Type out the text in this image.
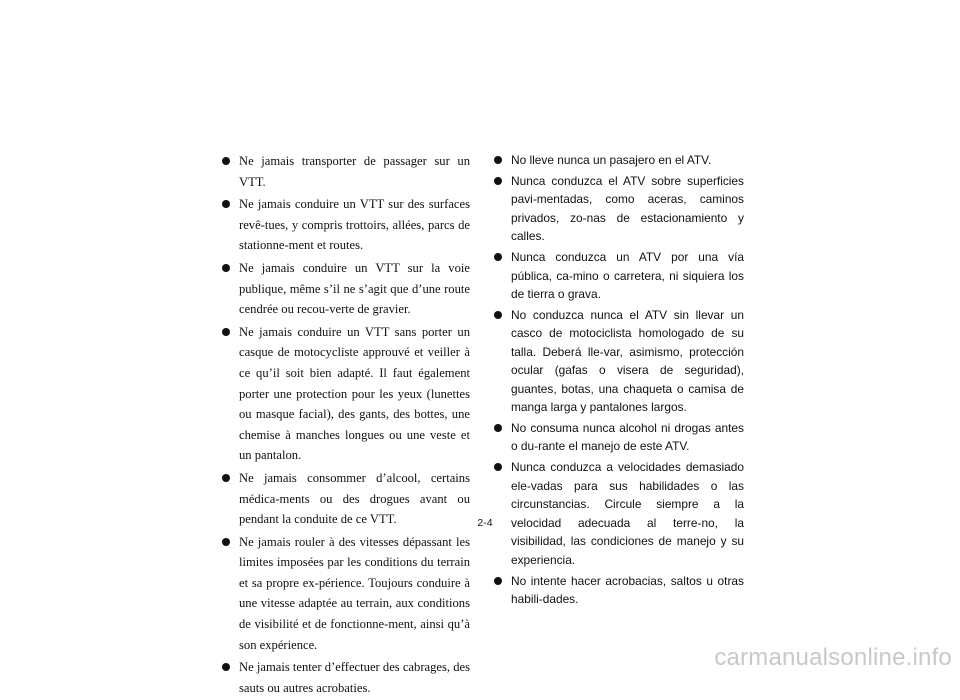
Ne jamais transporter de passager sur un VTT.
Ne jamais conduire un VTT sur des surfaces revê-tues, y compris trottoirs, allées, parcs de stationne-ment et routes.
Ne jamais conduire un VTT sur la voie publique, même s’il ne s’agit que d’une route cendrée ou recou-verte de gravier.
Ne jamais conduire un VTT sans porter un casque de motocycliste approuvé et veiller à ce qu’il soit bien adapté. Il faut également porter une protection pour les yeux (lunettes ou masque facial), des gants, des bottes, une chemise à manches longues ou une veste et un pantalon.
Ne jamais consommer d’alcool, certains médica-ments ou des drogues avant ou pendant la conduite de ce VTT.
Ne jamais rouler à des vitesses dépassant les limites imposées par les conditions du terrain et sa propre ex-périence. Toujours conduire à une vitesse adaptée au terrain, aux conditions de visibilité et de fonctionne-ment, ainsi qu’à son expérience.
Ne jamais tenter d’effectuer des cabrages, des sauts ou autres acrobaties.
No lleve nunca un pasajero en el ATV.
Nunca conduzca el ATV sobre superficies pavi-mentadas, como aceras, caminos privados, zo-nas de estacionamiento y calles.
Nunca conduzca un ATV por una vía pública, ca-mino o carretera, ni siquiera los de tierra o grava.
No conduzca nunca el ATV sin llevar un casco de motociclista homologado de su talla. Deberá lle-var, asimismo, protección ocular (gafas o visera de seguridad), guantes, botas, una chaqueta o camisa de manga larga y pantalones largos.
No consuma nunca alcohol ni drogas antes o du-rante el manejo de este ATV.
Nunca conduzca a velocidades demasiado ele-vadas para sus habilidades o las circunstancias. Circule siempre a la velocidad adecuada al terre-no, la visibilidad, las condiciones de manejo y su experiencia.
No intente hacer acrobacias, saltos u otras habili-dades.
2-4
carmanualsonline.info
